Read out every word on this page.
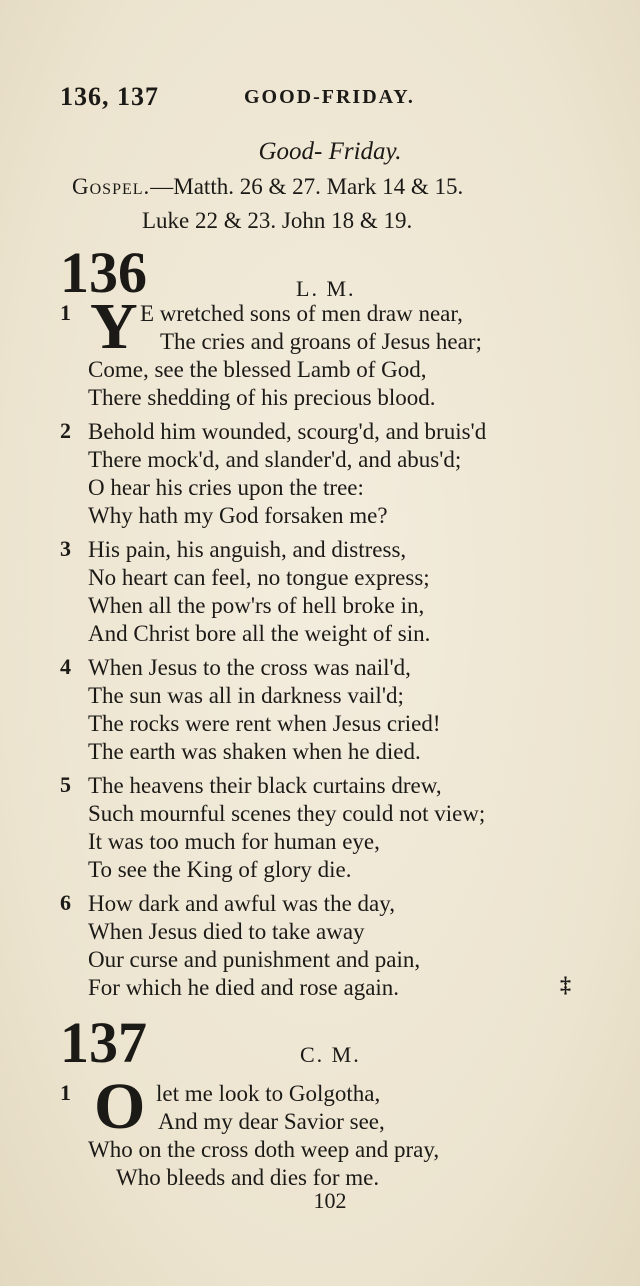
136, 137	GOOD-FRIDAY.
Good- Friday.
Gospel.—Matth. 26 & 27. Mark 14 & 15.
Luke 22 & 23. John 18 & 19.
136	L. M.
1 Y E wretched sons of men draw near,
The cries and groans of Jesus hear;
Come, see the blessed Lamb of God,
There shedding of his precious blood.
2 Behold him wounded, scourg'd, and bruis'd
There mock'd, and slander'd, and abus'd;
O hear his cries upon the tree:
Why hath my God forsaken me?
3 His pain, his anguish, and distress,
No heart can feel, no tongue express;
When all the pow'rs of hell broke in,
And Christ bore all the weight of sin.
4 When Jesus to the cross was nail'd,
The sun was all in darkness vail'd;
The rocks were rent when Jesus cried!
The earth was shaken when he died.
5 The heavens their black curtains drew,
Such mournful scenes they could not view;
It was too much for human eye,
To see the King of glory die.
6 How dark and awful was the day,
When Jesus died to take away
Our curse and punishment and pain,
For which he died and rose again.	‡
137	C. M.
1 O let me look to Golgotha,
And my dear Savior see,
Who on the cross doth weep and pray,
Who bleeds and dies for me.
102
